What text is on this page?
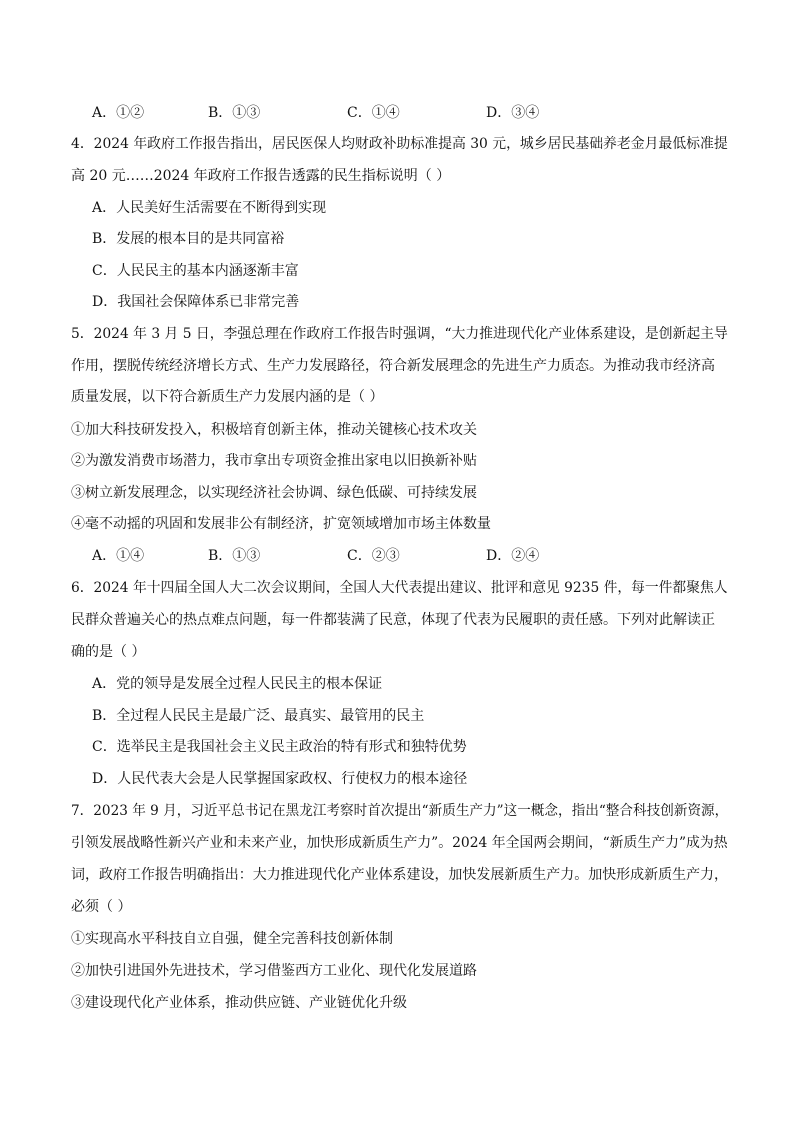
A．①②	B．①③	C．①④	D．③④
4．2024 年政府工作报告指出，居民医保人均财政补助标准提高 30 元，城乡居民基础养老金月最低标准提
高 20 元……2024 年政府工作报告透露的民生指标说明（ ）
A．人民美好生活需要在不断得到实现
B．发展的根本目的是共同富裕
C．人民民主的基本内涵逐渐丰富
D．我国社会保障体系已非常完善
5．2024 年 3 月 5 日，李强总理在作政府工作报告时强调，“大力推进现代化产业体系建设，是创新起主导
作用，摆脱传统经济增长方式、生产力发展路径，符合新发展理念的先进生产力质态。为推动我市经济高
质量发展，以下符合新质生产力发展内涵的是（ ）
①加大科技研发投入，积极培育创新主体，推动关键核心技术攻关
②为激发消费市场潜力，我市拿出专项资金推出家电以旧换新补贴
③树立新发展理念，以实现经济社会协调、绿色低碳、可持续发展
④毫不动摇的巩固和发展非公有制经济，扩宽领域增加市场主体数量
A．①④	B．①③	C．②③	D．②④
6．2024 年十四届全国人大二次会议期间，全国人大代表提出建议、批评和意见 9235 件，每一件都聚焦人
民群众普遍关心的热点难点问题，每一件都装满了民意，体现了代表为民履职的责任感。下列对此解读正
确的是（ ）
A．党的领导是发展全过程人民民主的根本保证
B．全过程人民民主是最广泛、最真实、最管用的民主
C．选举民主是我国社会主义民主政治的特有形式和独特优势
D．人民代表大会是人民掌握国家政权、行使权力的根本途径
7．2023 年 9 月，习近平总书记在黑龙江考察时首次提出“新质生产力”这一概念，指出“整合科技创新资源，
引领发展战略性新兴产业和未来产业，加快形成新质生产力”。2024 年全国两会期间，“新质生产力”成为热
词，政府工作报告明确指出：大力推进现代化产业体系建设，加快发展新质生产力。加快形成新质生产力，
必须（ ）
①实现高水平科技自立自强，健全完善科技创新体制
②加快引进国外先进技术，学习借鉴西方工业化、现代化发展道路
③建设现代化产业体系，推动供应链、产业链优化升级
